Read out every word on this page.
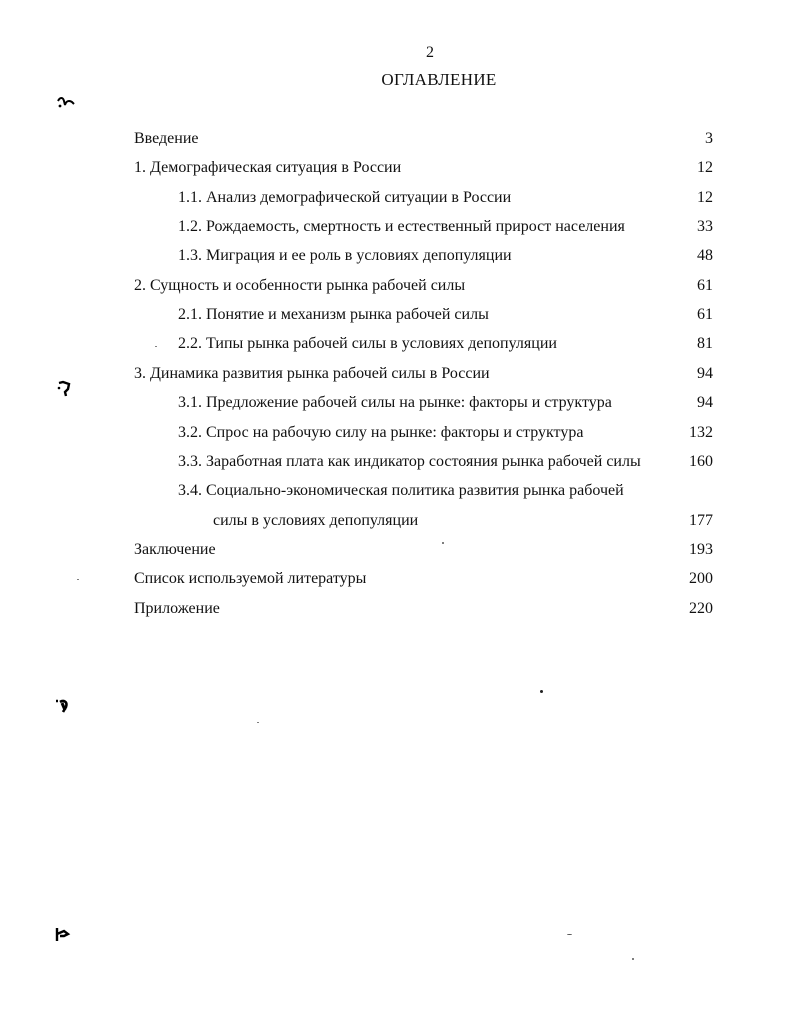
2
ОГЛАВЛЕНИЕ
Введение	3
1. Демографическая ситуация в России	12
1.1. Анализ демографической ситуации в России	12
1.2. Рождаемость, смертность и естественный прирост населения	33
1.3. Миграция и ее роль в условиях депопуляции	48
2. Сущность и особенности рынка рабочей силы	61
2.1. Понятие и механизм рынка рабочей силы	61
2.2. Типы рынка рабочей силы в условиях депопуляции	81
3. Динамика развития рынка рабочей силы в России	94
3.1. Предложение рабочей силы на рынке: факторы и структура	94
3.2. Спрос на рабочую силу на рынке: факторы и структура	132
3.3. Заработная плата как индикатор состояния рынка рабочей силы	160
3.4. Социально-экономическая политика развития рынка рабочей
силы в условиях депопуляции	177
Заключение	193
Список используемой литературы	200
Приложение	220
